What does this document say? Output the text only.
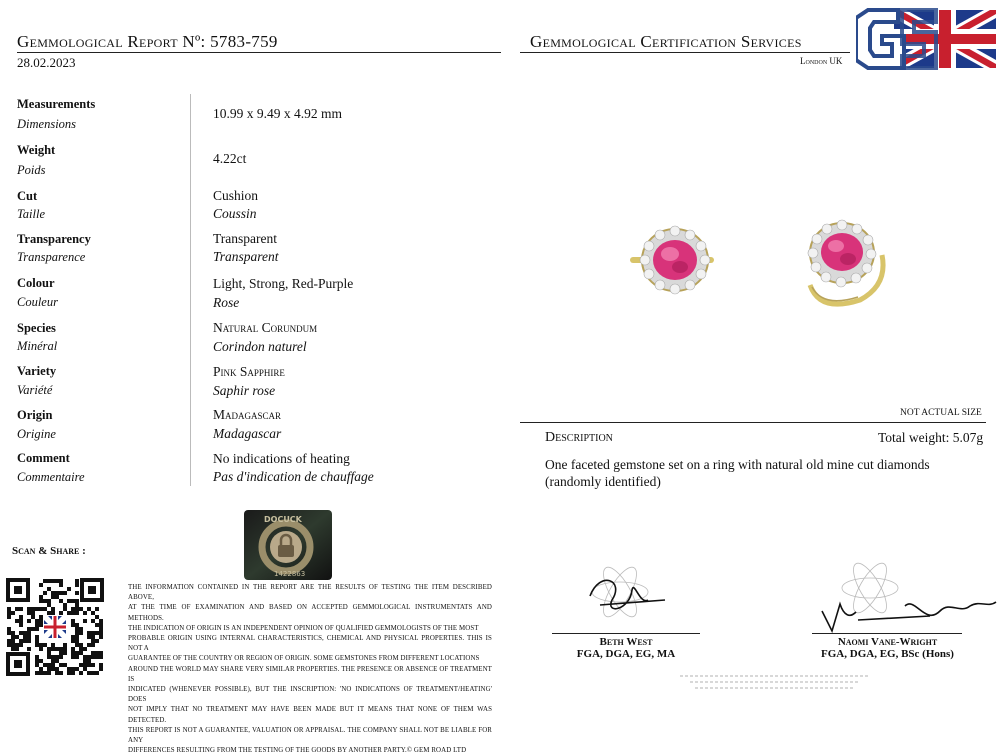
Gemmological Report Nº: 5783-759
28.02.2023
Gemmological Certification Services
London UK
Measurements
Dimensions
10.99 x 9.49 x 4.92 mm
Weight
Poids
4.22ct
Cut
Taille
Cushion
Coussin
Transparency
Transparence
Transparent
Transparent
Colour
Couleur
Light, Strong, Red-Purple
Rose
Species
Minéral
Natural Corundum
Corindon naturel
Variety
Variété
Pink Sapphire
Saphir rose
Origin
Origine
Madagascar
Madagascar
Comment
Commentaire
No indications of heating
Pas d'indication de chauffage
NOT ACTUAL SIZE
Description	Total weight: 5.07g
One faceted gemstone set on a ring with natural old mine cut diamonds
(randomly identified)
Scan & Share :
DOCUCK
1422863
THE INFORMATION CONTAINED IN THE REPORT ARE THE RESULTS OF TESTING THE ITEM DESCRIBED ABOVE,
AT THE TIME OF EXAMINATION AND BASED ON ACCEPTED GEMMOLOGICAL INSTRUMENTATS AND METHODS.
THE INDICATION OF ORIGIN IS AN INDEPENDENT OPINION OF QUALIFIED GEMMOLOGISTS OF THE MOST
PROBABLE ORIGIN USING INTERNAL CHARACTERISTICS, CHEMICAL AND PHYSICAL PROPERTIES. THIS IS NOT A
GUARANTEE OF THE COUNTRY OR REGION OF ORIGIN. SOME GEMSTONES FROM DIFFERENT LOCATIONS
AROUND THE WORLD MAY SHARE VERY SIMILAR PROPERTIES. THE PRESENCE OR ABSENCE OF TREATMENT IS
INDICATED (WHENEVER POSSIBLE), BUT THE INSCRIPTION: 'NO INDICATIONS OF TREATMENT/HEATING' DOES
NOT IMPLY THAT NO TREATMENT MAY HAVE BEEN MADE BUT IT MEANS THAT NONE OF THEM WAS DETECTED.
THIS REPORT IS NOT A GUARANTEE, VALUATION OR APPRAISAL. THE COMPANY SHALL NOT BE LIABLE FOR ANY
DIFFERENCES RESULTING FROM THE TESTING OF THE GOODS BY ANOTHER PARTY.© GEM ROAD LTD
Beth West
FGA, DGA, EG, MA
Naomi Vane-Wright
FGA, DGA, EG, BSc (Hons)
